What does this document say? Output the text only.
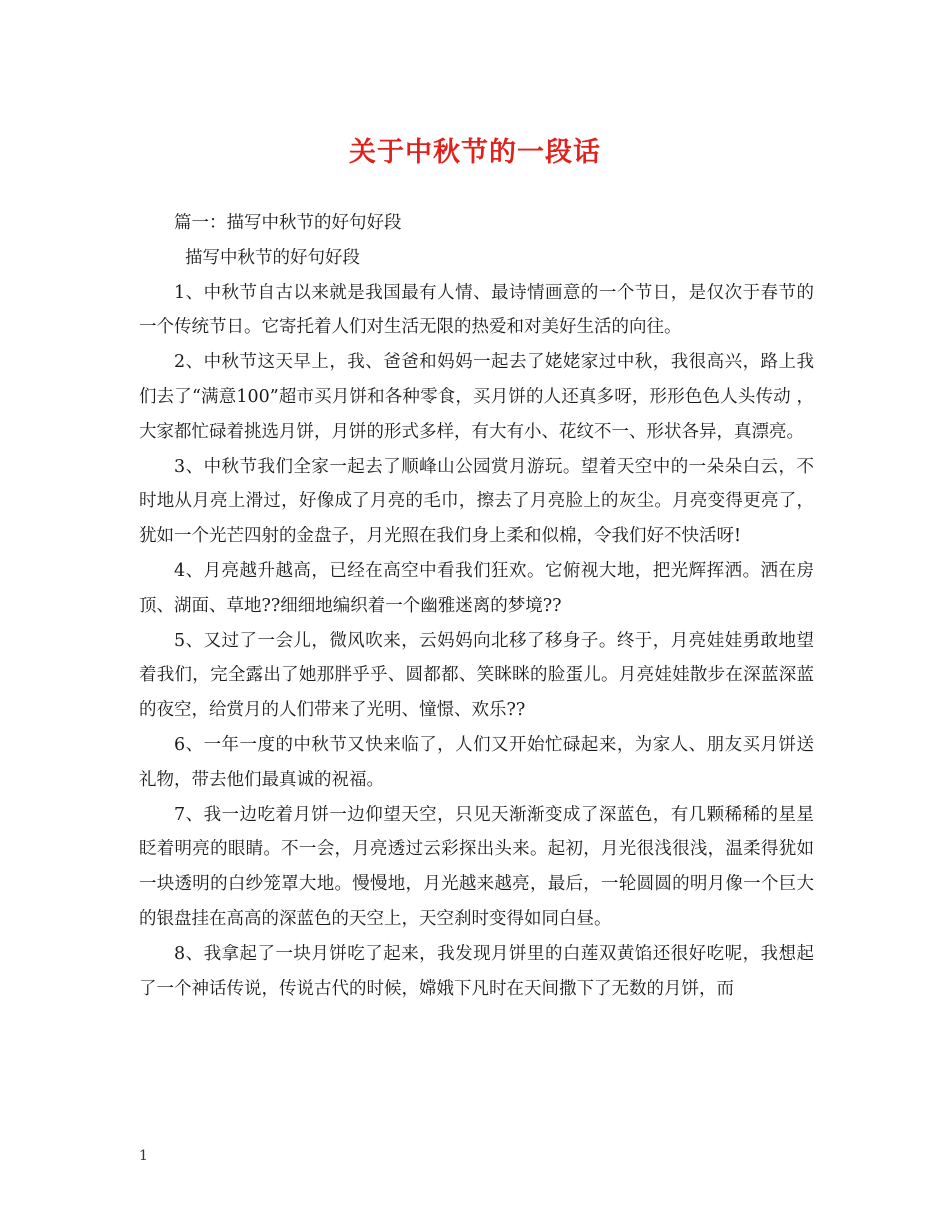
关于中秋节的一段话

篇一：描写中秋节的好句好段

描写中秋节的好句好段

1、中秋节自古以来就是我国最有人情、最诗情画意的一个节日，是仅次于春节的一个传统节日。它寄托着人们对生活无限的热爱和对美好生活的向往。

2、中秋节这天早上，我、爸爸和妈妈一起去了姥姥家过中秋，我很高兴，路上我们去了“满意100”超市买月饼和各种零食，买月饼的人还真多呀，形形色色人头传动 ，大家都忙碌着挑选月饼，月饼的形式多样，有大有小、花纹不一、形状各异，真漂亮。

3、中秋节我们全家一起去了顺峰山公园赏月游玩。望着天空中的一朵朵白云，不时地从月亮上滑过，好像成了月亮的毛巾，擦去了月亮脸上的灰尘。月亮变得更亮了，犹如一个光芒四射的金盘子，月光照在我们身上柔和似棉，令我们好不快活呀!

4、月亮越升越高，已经在高空中看我们狂欢。它俯视大地，把光辉挥洒。洒在房顶、湖面、草地??细细地编织着一个幽雅迷离的梦境??

5、又过了一会儿，微风吹来，云妈妈向北移了移身子。终于，月亮娃娃勇敢地望着我们，完全露出了她那胖乎乎、圆都都、笑眯眯的脸蛋儿。月亮娃娃散步在深蓝深蓝的夜空，给赏月的人们带来了光明、憧憬、欢乐??

6、一年一度的中秋节又快来临了，人们又开始忙碌起来，为家人、朋友买月饼送礼物，带去他们最真诚的祝福。

7、我一边吃着月饼一边仰望天空，只见天渐渐变成了深蓝色，有几颗稀稀的星星眨着明亮的眼睛。不一会，月亮透过云彩探出头来。起初，月光很浅很浅，温柔得犹如一块透明的白纱笼罩大地。慢慢地，月光越来越亮，最后，一轮圆圆的明月像一个巨大的银盘挂在高高的深蓝色的天空上，天空刹时变得如同白昼。

8、我拿起了一块月饼吃了起来，我发现月饼里的白莲双黄馅还很好吃呢，我想起了一个神话传说，传说古代的时候，嫦娥下凡时在天间撒下了无数的月饼，而

1
